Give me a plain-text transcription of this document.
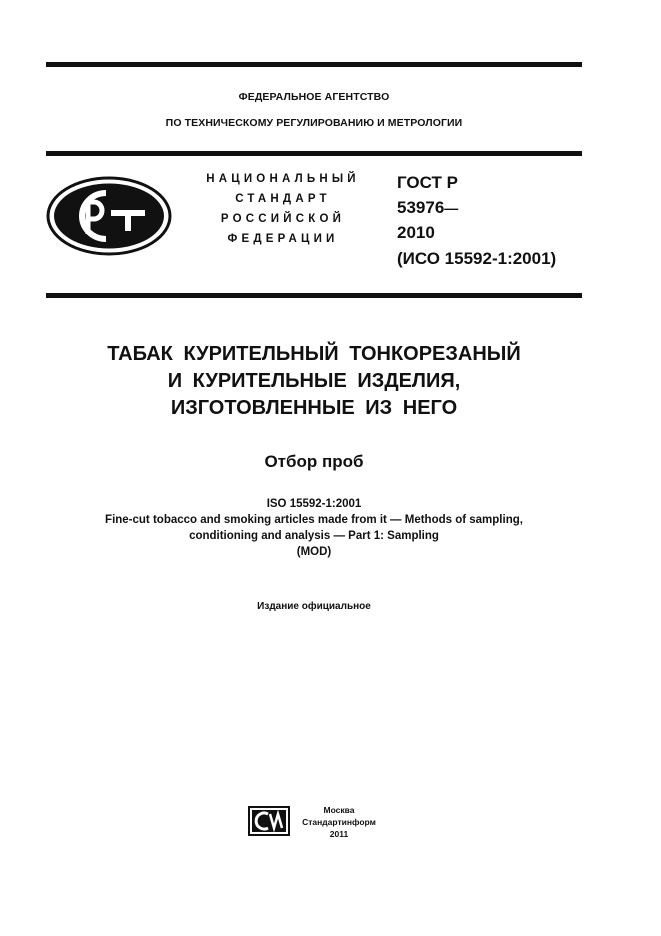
ФЕДЕРАЛЬНОЕ АГЕНТСТВО
ПО ТЕХНИЧЕСКОМУ РЕГУЛИРОВАНИЮ И МЕТРОЛОГИИ
НАЦИОНАЛЬНЫЙ
СТАНДАРТ
РОССИЙСКОЙ
ФЕДЕРАЦИИ
ГОСТ Р
53976—
2010
(ИСО 15592-1:2001)
ТАБАК КУРИТЕЛЬНЫЙ ТОНКОРЕЗАНЫЙ
И КУРИТЕЛЬНЫЕ ИЗДЕЛИЯ,
ИЗГОТОВЛЕННЫЕ ИЗ НЕГО
Отбор проб
ISO 15592-1:2001
Fine-cut tobacco and smoking articles made from it — Methods of sampling,
conditioning and analysis — Part 1: Sampling
(MOD)
Издание официальное
Москва
Стандартинформ
2011
